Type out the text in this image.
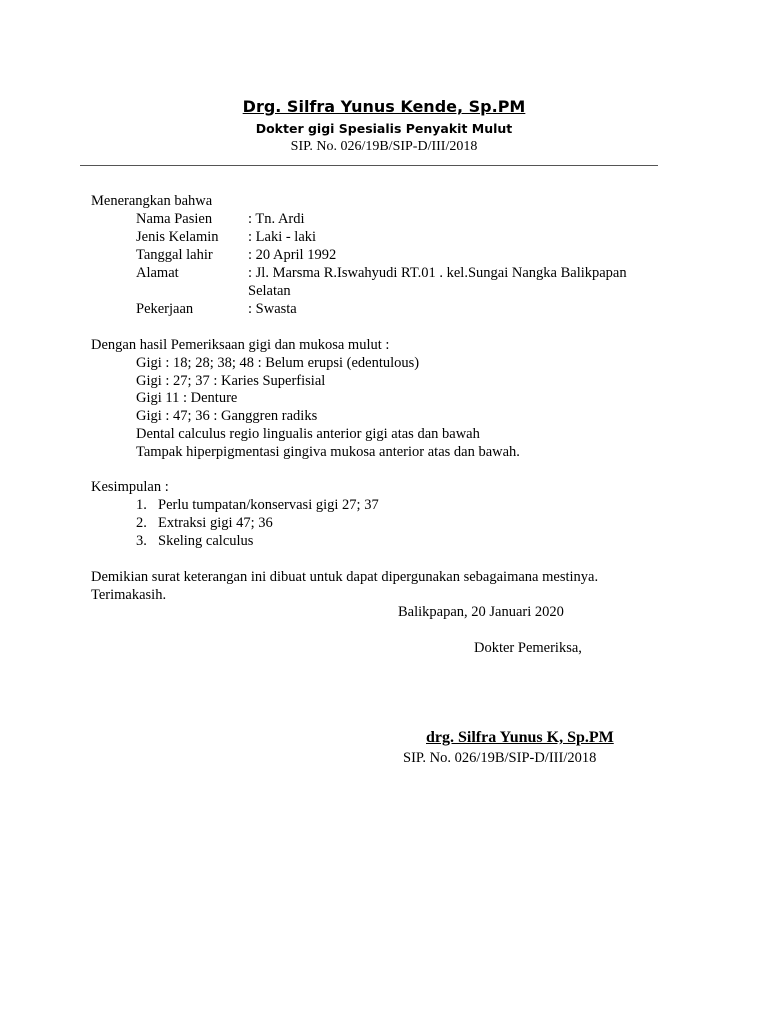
Drg. Silfra Yunus Kende, Sp.PM
Dokter gigi Spesialis Penyakit Mulut
SIP. No. 026/19B/SIP-D/III/2018
Menerangkan bahwa
Nama Pasien : Tn. Ardi
Jenis Kelamin : Laki - laki
Tanggal lahir : 20 April 1992
Alamat	: Jl. Marsma R.Iswahyudi RT.01 . kel.Sungai Nangka Balikpapan
Selatan
Pekerjaan	: Swasta
Dengan hasil Pemeriksaan gigi dan mukosa mulut :
Gigi : 18; 28; 38; 48 : Belum erupsi (edentulous)
Gigi : 27; 37 : Karies Superfisial
Gigi 11 : Denture
Gigi : 47; 36 : Ganggren radiks
Dental calculus regio lingualis anterior gigi atas dan bawah
Tampak hiperpigmentasi gingiva mukosa anterior atas dan bawah.
Kesimpulan :
1. Perlu tumpatan/konservasi gigi 27; 37
2. Extraksi gigi 47; 36
3. Skeling calculus
Demikian surat keterangan ini dibuat untuk dapat dipergunakan sebagaimana mestinya.
Terimakasih.
Balikpapan, 20 Januari 2020
Dokter Pemeriksa,
drg. Silfra Yunus K, Sp.PM
SIP. No. 026/19B/SIP-D/III/2018
